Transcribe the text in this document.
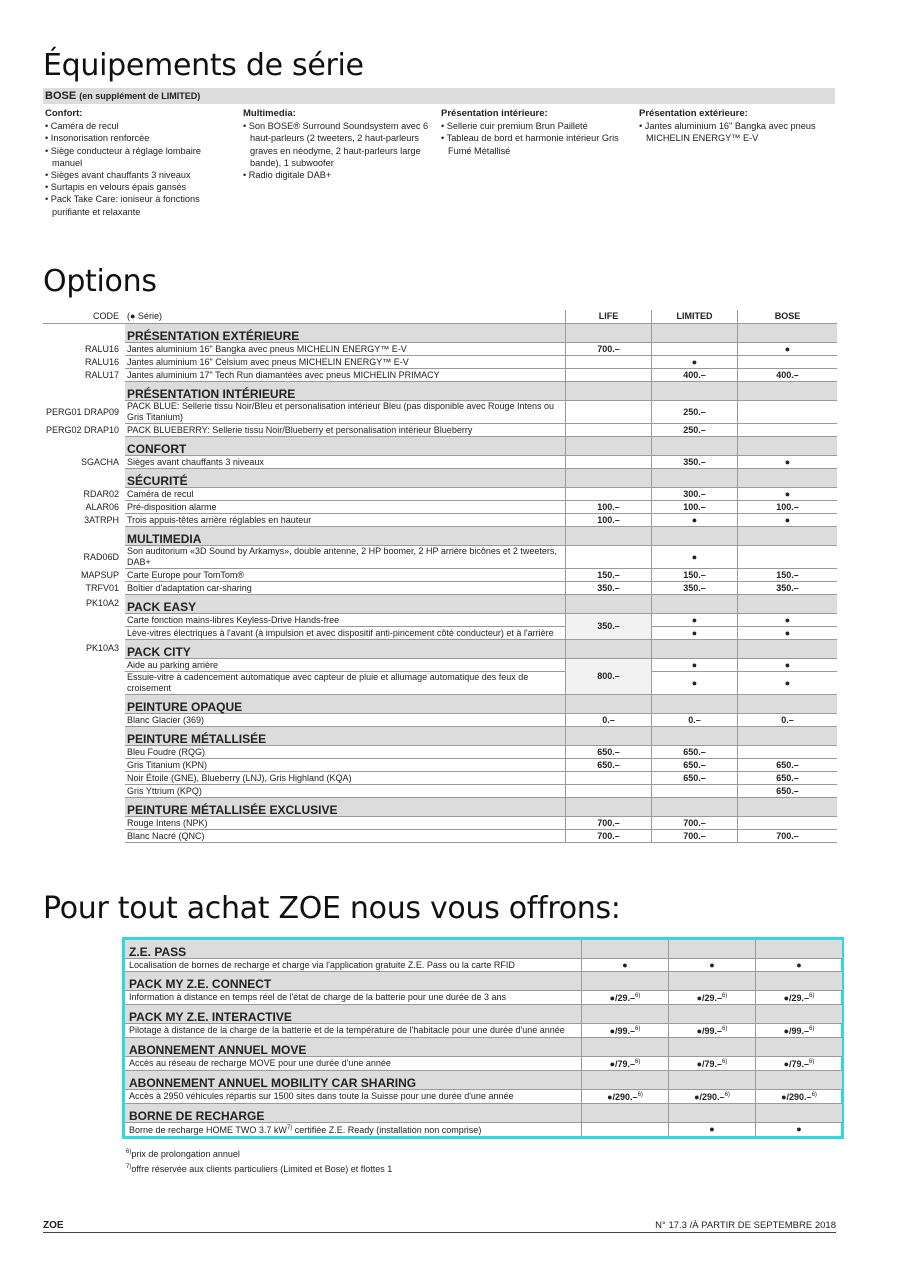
Équipements de série
BOSE (en supplément de LIMITED)
Confort:
• Caméra de recul
• Insonorisation renforcée
• Siège conducteur à réglage lombaire manuel
• Sièges avant chauffants 3 niveaux
• Surtapis en velours épais gansés
• Pack Take Care: ioniseur à fonctions purifiante et relaxante
Multimedia:
• Son BOSE® Surround Soundsystem avec 6 haut-parleurs (2 tweeters, 2 haut-parleurs graves en néodyme, 2 haut-parleurs large bande), 1 subwoofer
• Radio digitale DAB+
Présentation intérieure:
• Sellerie cuir premium Brun Pailleté
• Tableau de bord et harmonie intérieur Gris Fumé Métallisé
Présentation extérieure:
• Jantes aluminium 16" Bangka avec pneus MICHELIN ENERGY™ E-V
Options
CODE	(● Série)	LIFE	LIMITED	BOSE
	PRÉSENTATION EXTÉRIEURE			
RALU16	Jantes aluminium 16" Bangka avec pneus MICHELIN ENERGY™ E-V	700.–		●
RALU16	Jantes aluminium 16" Celsium avec pneus MICHELIN ENERGY™ E-V		●	
RALU17	Jantes aluminium 17" Tech Run diamantées avec pneus MICHELIN PRIMACY		400.–	400.–
	PRÉSENTATION INTÉRIEURE			
PERG01 DRAP09	PACK BLUE: Sellerie tissu Noir/Bleu et personalisation intérieur Bleu (pas disponible avec Rouge Intens ou Gris Titanium)		250.–	
PERG02 DRAP10	PACK BLUEBERRY: Sellerie tissu Noir/Blueberry et personalisation intérieur Blueberry		250.–	
	CONFORT			
SGACHA	Sièges avant chauffants 3 niveaux		350.–	●
	SÉCURITÉ			
RDAR02	Caméra de recul		300.–	●
ALAR06	Pré-disposition alarme	100.–	100.–	100.–
3ATRPH	Trois appuis-têtes arrière réglables en hauteur	100.–	●	●
	MULTIMEDIA			
RAD06D	Son auditorium «3D Sound by Arkamys», double antenne, 2 HP boomer, 2 HP arrière bicônes et 2 tweeters, DAB+		●	
MAPSUP	Carte Europe pour TomTom®	150.–	150.–	150.–
TRFV01	Boîtier d'adaptation car-sharing	350.–	350.–	350.–
PK10A2	PACK EASY			
	Carte fonction mains-libres Keyless-Drive Hands-free	350.–	●	●
	Lève-vitres électriques à l'avant (à impulsion et avec dispositif anti-pincement côté conducteur) et à l'arrière		●	●
PK10A3	PACK CITY			
	Aide au parking arrière	800.–	●	●
	Essuie-vitre à cadencement automatique avec capteur de pluie et allumage automatique des feux de croisement		●	●
	PEINTURE OPAQUE			
	Blanc Glacier (369)	0.–	0.–	0.–
	PEINTURE MÉTALLISÉE			
	Bleu Foudre (RQG)	650.–	650.–	
	Gris Titanium (KPN)	650.–	650.–	650.–
	Noir Étoile (GNE), Blueberry (LNJ), Gris Highland (KQA)		650.–	650.–
	Gris Yttrium (KPQ)			650.–
	PEINTURE MÉTALLISÉE EXCLUSIVE			
	Rouge Intens (NPK)	700.–	700.–	
	Blanc Nacré (QNC)	700.–	700.–	700.–
Pour tout achat ZOE nous vous offrons:
Z.E. PASS			
Localisation de bornes de recharge et charge via l'application gratuite Z.E. Pass ou la carte RFID	●	●	●
PACK MY Z.E. CONNECT			
Information à distance en temps réel de l'état de charge de la batterie pour une durée de 3 ans	●/29.–$^{6)}$	●/29.–$^{6)}$	●/29.–$^{6)}$
PACK MY Z.E. INTERACTIVE			
Pilotage à distance de la charge de la batterie et de la température de l'habitacle pour une durée d'une année	●/99.–$^{6)}$	●/99.–$^{6)}$	●/99.–$^{6)}$
ABONNEMENT ANNUEL MOVE			
Accès au réseau de recharge MOVE pour une durée d'une année	●/79.–$^{6)}$	●/79.–$^{6)}$	●/79.–$^{6)}$
ABONNEMENT ANNUEL MOBILITY CAR SHARING			
Accès à 2950 véhicules répartis sur 1500 sites dans toute la Suisse pour une durée d'une année	●/290.–$^{6)}$	●/290.–$^{6)}$	●/290.–$^{6)}$
BORNE DE RECHARGE			
Borne de recharge HOME TWO 3.7 $kW^{7)}$ certifiée Z.E. Ready (installation non comprise)		●	●
$^{6)}$prix de prolongation annuel
$^{7)}$offre réservée aux clients particuliers (Limited et Bose) et flottes 1
ZOE	N° 17.3 /À PARTIR DE SEPTEMBRE 2018
